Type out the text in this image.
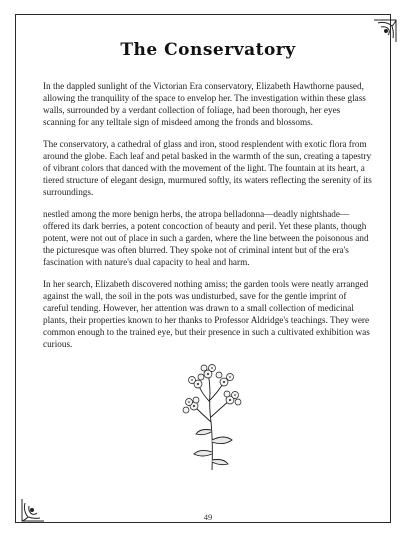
The Conservatory

In the dappled sunlight of the Victorian Era conservatory, Elizabeth Hawthorne paused, allowing the tranquility of the space to envelop her. The investigation within these glass walls, surrounded by a verdant collection of foliage, had been thorough, her eyes scanning for any telltale sign of misdeed among the fronds and blossoms.

The conservatory, a cathedral of glass and iron, stood resplendent with exotic flora from around the globe. Each leaf and petal basked in the warmth of the sun, creating a tapestry of vibrant colors that danced with the movement of the light. The fountain at its heart, a tiered structure of elegant design, murmured softly, its waters reflecting the serenity of its surroundings.

nestled among the more benign herbs, the atropa belladonna—deadly nightshade—offered its dark berries, a potent concoction of beauty and peril. Yet these plants, though potent, were not out of place in such a garden, where the line between the poisonous and the picturesque was often blurred. They spoke not of criminal intent but of the era's fascination with nature's dual capacity to heal and harm.

In her search, Elizabeth discovered nothing amiss; the garden tools were neatly arranged against the wall, the soil in the pots was undisturbed, save for the gentle imprint of careful tending. However, her attention was drawn to a small collection of medicinal plants, their properties known to her thanks to Professor Aldridge's teachings. They were common enough to the trained eye, but their presence in such a cultivated exhibition was curious.

49
